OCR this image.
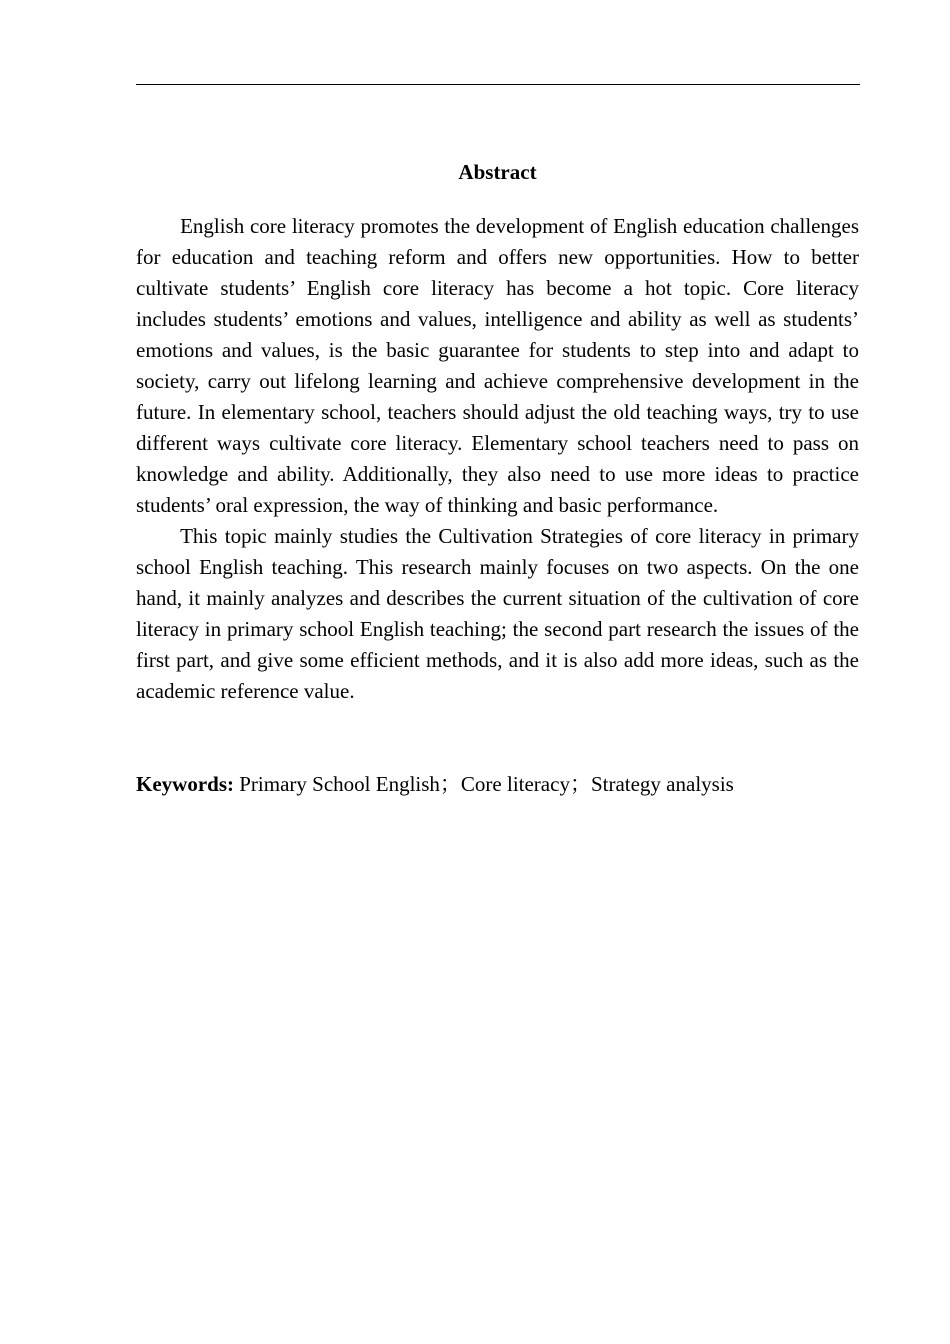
Abstract

English core literacy promotes the development of English education challenges for education and teaching reform and offers new opportunities. How to better cultivate students’ English core literacy has become a hot topic. Core literacy includes students’ emotions and values, intelligence and ability as well as students’ emotions and values, is the basic guarantee for students to step into and adapt to society, carry out lifelong learning and achieve comprehensive development in the future. In elementary school, teachers should adjust the old teaching ways, try to use different ways cultivate core literacy. Elementary school teachers need to pass on knowledge and ability. Additionally, they also need to use more ideas to practice students’ oral expression, the way of thinking and basic performance.

This topic mainly studies the Cultivation Strategies of core literacy in primary school English teaching. This research mainly focuses on two aspects. On the one hand, it mainly analyzes and describes the current situation of the cultivation of core literacy in primary school English teaching; the second part research the issues of the first part, and give some efficient methods, and it is also add more ideas, such as the academic reference value.

Keywords: Primary School English；Core literacy；Strategy analysis
